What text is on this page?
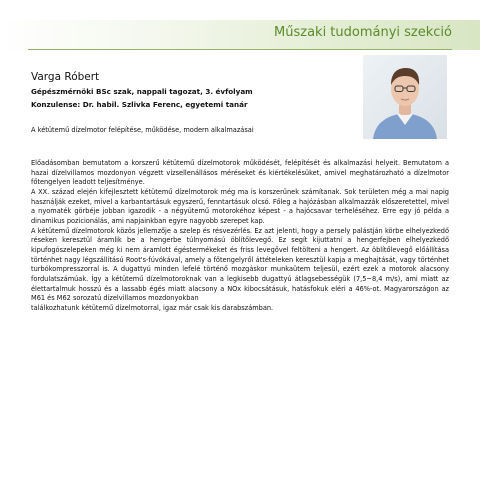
Műszaki tudományi szekció
Varga Róbert
Gépészmérnöki BSc szak, nappali tagozat, 3. évfolyam
Konzulense: Dr. habil. Szlivka Ferenc, egyetemi tanár
A kétütemű dízelmotor felépítése, működése, modern alkalmazásai

Előadásomban bemutatom a korszerű kétütemű dízelmotorok működését, felépítését és alkalmazási helyeit. Bemutatom a hazai dízelvillamos mozdonyon végzett vizsellenállásos méréseket és kiértékelésüket, amivel meghatározható a dízelmotor főtengelyen leadott teljesítménye.

A XX. század elején kifejlesztett kétütemű dízelmotorok még ma is korszerűnek számítanak. Sok területen még a mai napig használják ezeket, mivel a karbantartásuk egyszerű, fenntartásuk olcsó. Főleg a hajózásban alkalmazzák előszeretettel, mivel a nyomaték görbéje jobban igazodik - a négyütemű motorokéhoz képest - a hajócsavar terheléséhez. Erre egy jó példa a dinamikus pozicionálás, ami napjainkban egyre nagyobb szerepet kap.

A kétütemű dízelmotorok közös jellemzője a szelep és résvezérlés. Ez azt jelenti, hogy a persely palástján körbe elhelyezkedő réseken keresztül áramlik be a hengerbe túlnyomású öblítőlevegő. Ez segít kijuttatni a hengerfejben elhelyezkedő kipufogószelepeken még ki nem áramlott égéstermékeket és friss levegővel feltölteni a hengert. Az öblítőlevegő előállítása történhet nagy légszállítású Root's-fúvókával, amely a főtengelyről áttételeken keresztül kapja a meghajtását, vagy történhet turbókompresszorral is. A dugattyú minden lefelé történő mozgáskor munkaütem teljesül, ezért ezek a motorok alacsony fordulatszámúak. Így a kétütemű dízelmotoroknak van a legkisebb dugattyú átlagsebességük (7,5~8,4 m/s), ami miatt az élettartalmuk hosszú és a lassabb égés miatt alacsony a NOx kibocsátásuk, hatásfokuk eléri a 46%-ot. Magyarországon az M61 és M62 sorozatú dízelvillamos mozdonyokban

találkozhatunk kétütemű dízelmotorral, igaz már csak kis darabszámban.
